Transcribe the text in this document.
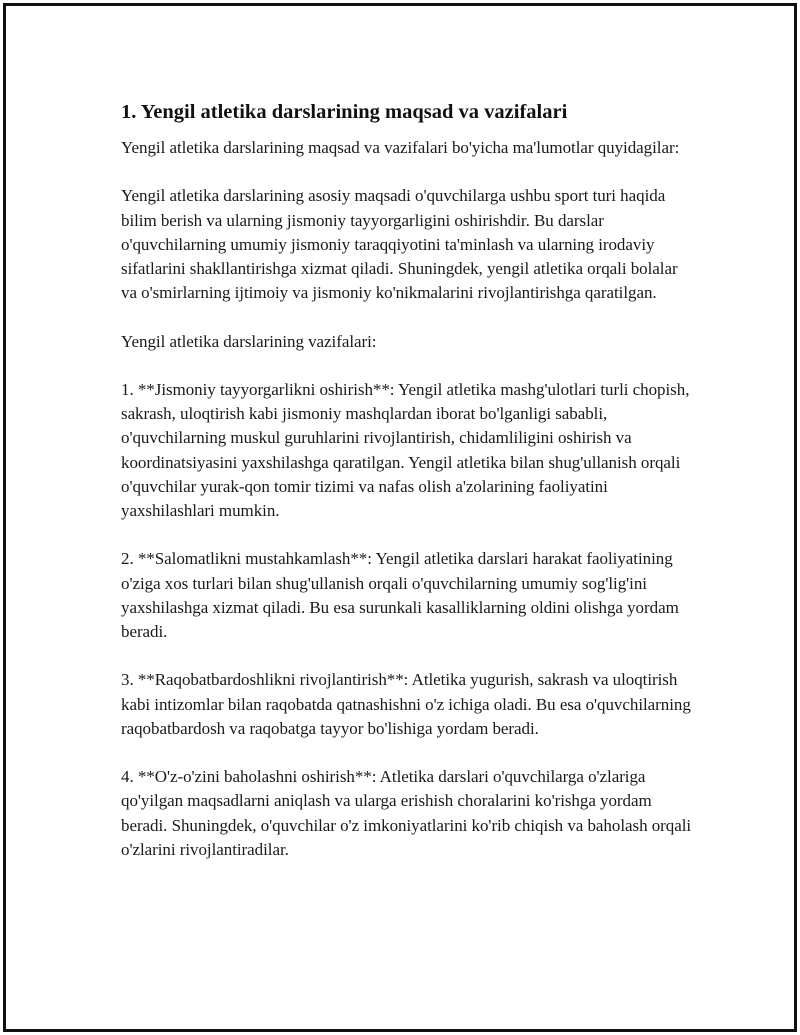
1. Yengil atletika darslarining maqsad va vazifalari

Yengil atletika darslarining maqsad va vazifalari bo'yicha ma'lumotlar quyidagilar:

Yengil atletika darslarining asosiy maqsadi o'quvchilarga ushbu sport turi haqida bilim berish va ularning jismoniy tayyorgarligini oshirishdir. Bu darslar o'quvchilarning umumiy jismoniy taraqqiyotini ta'minlash va ularning irodaviy sifatlarini shakllantirishga xizmat qiladi. Shuningdek, yengil atletika orqali bolalar va o'smirlarning ijtimoiy va jismoniy ko'nikmalarini rivojlantirishga qaratilgan.

Yengil atletika darslarining vazifalari:

1. **Jismoniy tayyorgarlikni oshirish**: Yengil atletika mashg'ulotlari turli chopish, sakrash, uloqtirish kabi jismoniy mashqlardan iborat bo'lganligi sababli, o'quvchilarning muskul guruhlarini rivojlantirish, chidamliligini oshirish va koordinatsiyasini yaxshilashga qaratilgan. Yengil atletika bilan shug'ullanish orqali o'quvchilar yurak-qon tomir tizimi va nafas olish a'zolarining faoliyatini yaxshilashlari mumkin.

2. **Salomatlikni mustahkamlash**: Yengil atletika darslari harakat faoliyatining o'ziga xos turlari bilan shug'ullanish orqali o'quvchilarning umumiy sog'lig'ini yaxshilashga xizmat qiladi. Bu esa surunkali kasalliklarning oldini olishga yordam beradi.

3. **Raqobatbardoshlikni rivojlantirish**: Atletika yugurish, sakrash va uloqtirish kabi intizomlar bilan raqobatda qatnashishni o'z ichiga oladi. Bu esa o'quvchilarning raqobatbardosh va raqobatga tayyor bo'lishiga yordam beradi.

4. **O'z-o'zini baholashni oshirish**: Atletika darslari o'quvchilarga o'zlariga qo'yilgan maqsadlarni aniqlash va ularga erishish choralarini ko'rishga yordam beradi. Shuningdek, o'quvchilar o'z imkoniyatlarini ko'rib chiqish va baholash orqali o'zlarini rivojlantiradilar.
